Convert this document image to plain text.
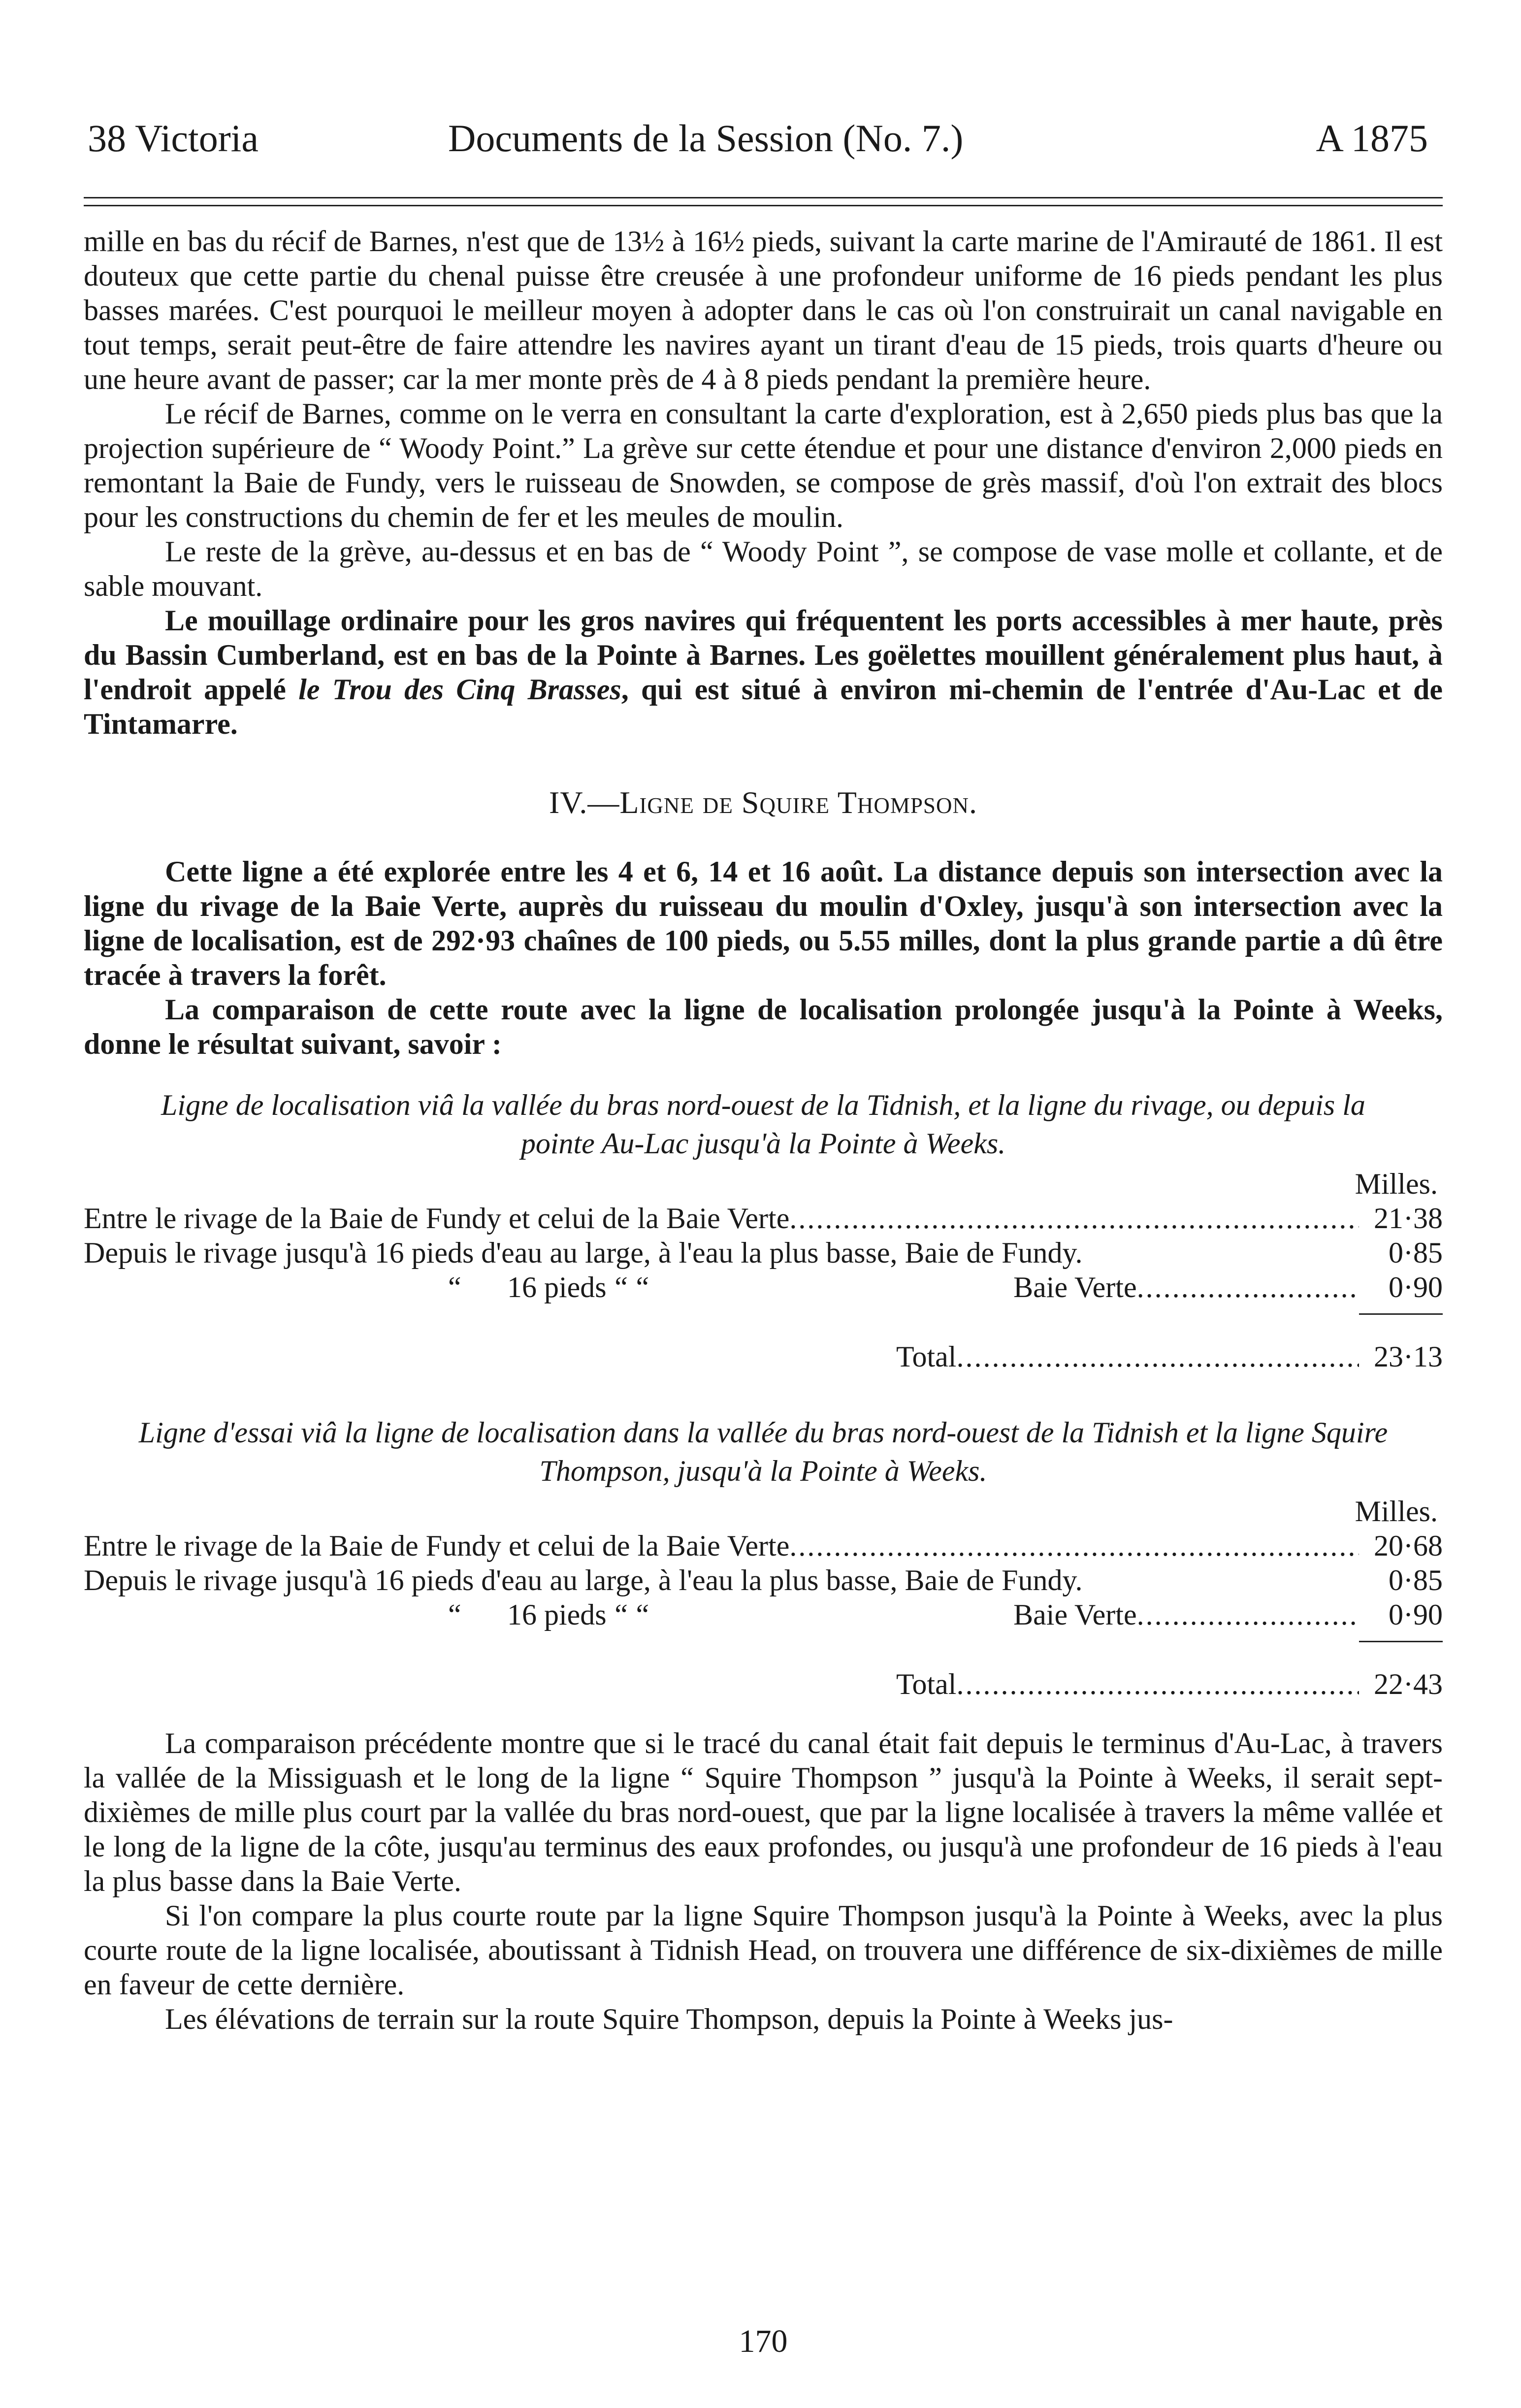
38 Victoria	Documents de la Session (No. 7.)	A 1875

mille en bas du récif de Barnes, n'est que de 13½ à 16½ pieds, suivant la carte marine de l'Amirauté de 1861. Il est douteux que cette partie du chenal puisse être creusée à une profondeur uniforme de 16 pieds pendant les plus basses marées. C'est pourquoi le meilleur moyen à adopter dans le cas où l'on construirait un canal navigable en tout temps, serait peut-être de faire attendre les navires ayant un tirant d'eau de 15 pieds, trois quarts d'heure ou une heure avant de passer; car la mer monte près de 4 à 8 pieds pendant la première heure.

Le récif de Barnes, comme on le verra en consultant la carte d'exploration, est à 2,650 pieds plus bas que la projection supérieure de “ Woody Point.” La grève sur cette étendue et pour une distance d'environ 2,000 pieds en remontant la Baie de Fundy, vers le ruisseau de Snowden, se compose de grès massif, d'où l'on extrait des blocs pour les constructions du chemin de fer et les meules de moulin.

Le reste de la grève, au-dessus et en bas de “ Woody Point ”, se compose de vase molle et collante, et de sable mouvant.

Le mouillage ordinaire pour les gros navires qui fréquentent les ports accessibles à mer haute, près du Bassin Cumberland, est en bas de la Pointe à Barnes. Les goëlettes mouillent généralement plus haut, à l'endroit appelé le Trou des Cinq Brasses, qui est situé à environ mi-chemin de l'entrée d'Au-Lac et de Tintamarre.

IV.—Ligne de Squire Thompson.

Cette ligne a été explorée entre les 4 et 6, 14 et 16 août. La distance depuis son intersection avec la ligne du rivage de la Baie Verte, auprès du ruisseau du moulin d'Oxley, jusqu'à son intersection avec la ligne de localisation, est de 292·93 chaînes de 100 pieds, ou 5.55 milles, dont la plus grande partie a dû être tracée à travers la forêt.

La comparaison de cette route avec la ligne de localisation prolongée jusqu'à la Pointe à Weeks, donne le résultat suivant, savoir :

Ligne de localisation viâ la vallée du bras nord-ouest de la Tidnish, et la ligne du rivage, ou depuis la pointe Au-Lac jusqu'à la Pointe à Weeks.
Milles.
Entre le rivage de la Baie de Fundy et celui de la Baie Verte .....	21·38
Depuis le rivage jusqu'à 16 pieds d'eau au large, à l'eau la plus basse, Baie de Fundy.	0·85
“ 16 pieds “ “	Baie Verte .....	0·90
Total .....	23·13
Ligne d'essai viâ la ligne de localisation dans la vallée du bras nord-ouest de la Tidnish et la ligne Squire Thompson, jusqu'à la Pointe à Weeks.
Milles.
Entre le rivage de la Baie de Fundy et celui de la Baie Verte .....	20·68
Depuis le rivage jusqu'à 16 pieds d'eau au large, à l'eau la plus basse, Baie de Fundy.	0·85
“ 16 pieds “ “	Baie Verte .....	0·90
Total .....	22·43

La comparaison précédente montre que si le tracé du canal était fait depuis le terminus d'Au-Lac, à travers la vallée de la Missiguash et le long de la ligne “ Squire Thompson ” jusqu'à la Pointe à Weeks, il serait sept-dixièmes de mille plus court par la vallée du bras nord-ouest, que par la ligne localisée à travers la même vallée et le long de la ligne de la côte, jusqu'au terminus des eaux profondes, ou jusqu'à une profondeur de 16 pieds à l'eau la plus basse dans la Baie Verte.

Si l'on compare la plus courte route par la ligne Squire Thompson jusqu'à la Pointe à Weeks, avec la plus courte route de la ligne localisée, aboutissant à Tidnish Head, on trouvera une différence de six-dixièmes de mille en faveur de cette dernière.

Les élévations de terrain sur la route Squire Thompson, depuis la Pointe à Weeks jus-

170
